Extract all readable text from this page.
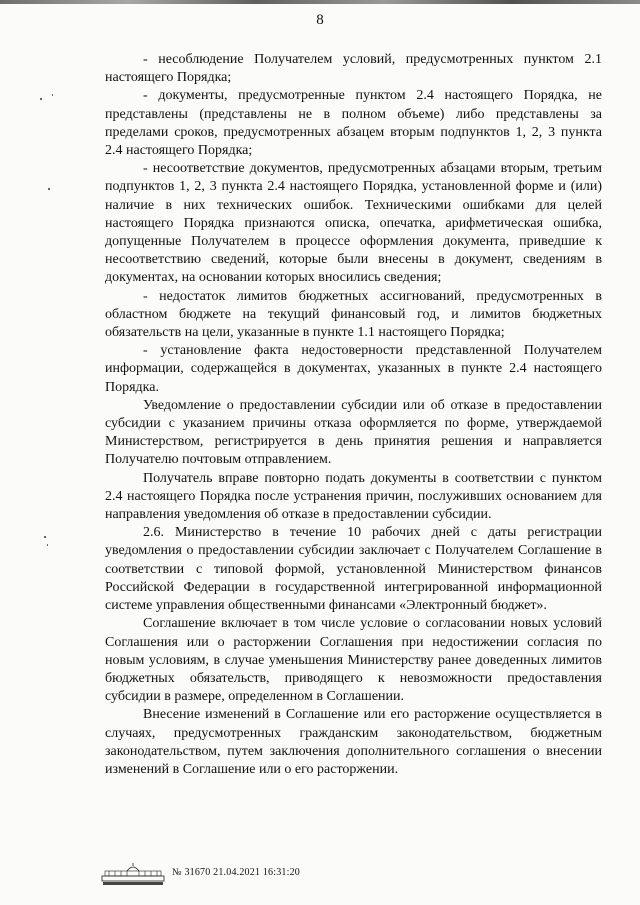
8

- несоблюдение Получателем условий, предусмотренных пунктом 2.1 настоящего Порядка;

- документы, предусмотренные пунктом 2.4 настоящего Порядка, не представлены (представлены не в полном объеме) либо представлены за пределами сроков, предусмотренных абзацем вторым подпунктов 1, 2, 3 пункта 2.4 настоящего Порядка;

- несоответствие документов, предусмотренных абзацами вторым, третьим подпунктов 1, 2, 3 пункта 2.4 настоящего Порядка, установленной форме и (или) наличие в них технических ошибок. Техническими ошибками для целей настоящего Порядка признаются описка, опечатка, арифметическая ошибка, допущенные Получателем в процессе оформления документа, приведшие к несоответствию сведений, которые были внесены в документ, сведениям в документах, на основании которых вносились сведения;

- недостаток лимитов бюджетных ассигнований, предусмотренных в областном бюджете на текущий финансовый год, и лимитов бюджетных обязательств на цели, указанные в пункте 1.1 настоящего Порядка;

- установление факта недостоверности представленной Получателем информации, содержащейся в документах, указанных в пункте 2.4 настоящего Порядка.

Уведомление о предоставлении субсидии или об отказе в предоставлении субсидии с указанием причины отказа оформляется по форме, утверждаемой Министерством, регистрируется в день принятия решения и направляется Получателю почтовым отправлением.

Получатель вправе повторно подать документы в соответствии с пунктом 2.4 настоящего Порядка после устранения причин, послуживших основанием для направления уведомления об отказе в предоставлении субсидии.

2.6. Министерство в течение 10 рабочих дней с даты регистрации уведомления о предоставлении субсидии заключает с Получателем Соглашение в соответствии с типовой формой, установленной Министерством финансов Российской Федерации в государственной интегрированной информационной системе управления общественными финансами «Электронный бюджет».

Соглашение включает в том числе условие о согласовании новых условий Соглашения или о расторжении Соглашения при недостижении согласия по новым условиям, в случае уменьшения Министерству ранее доведенных лимитов бюджетных обязательств, приводящего к невозможности предоставления субсидии в размере, определенном в Соглашении.

Внесение изменений в Соглашение или его расторжение осуществляется в случаях, предусмотренных гражданским законодательством, бюджетным законодательством, путем заключения дополнительного соглашения о внесении изменений в Соглашение или о его расторжении.

№ 31670 21.04.2021 16:31:20
